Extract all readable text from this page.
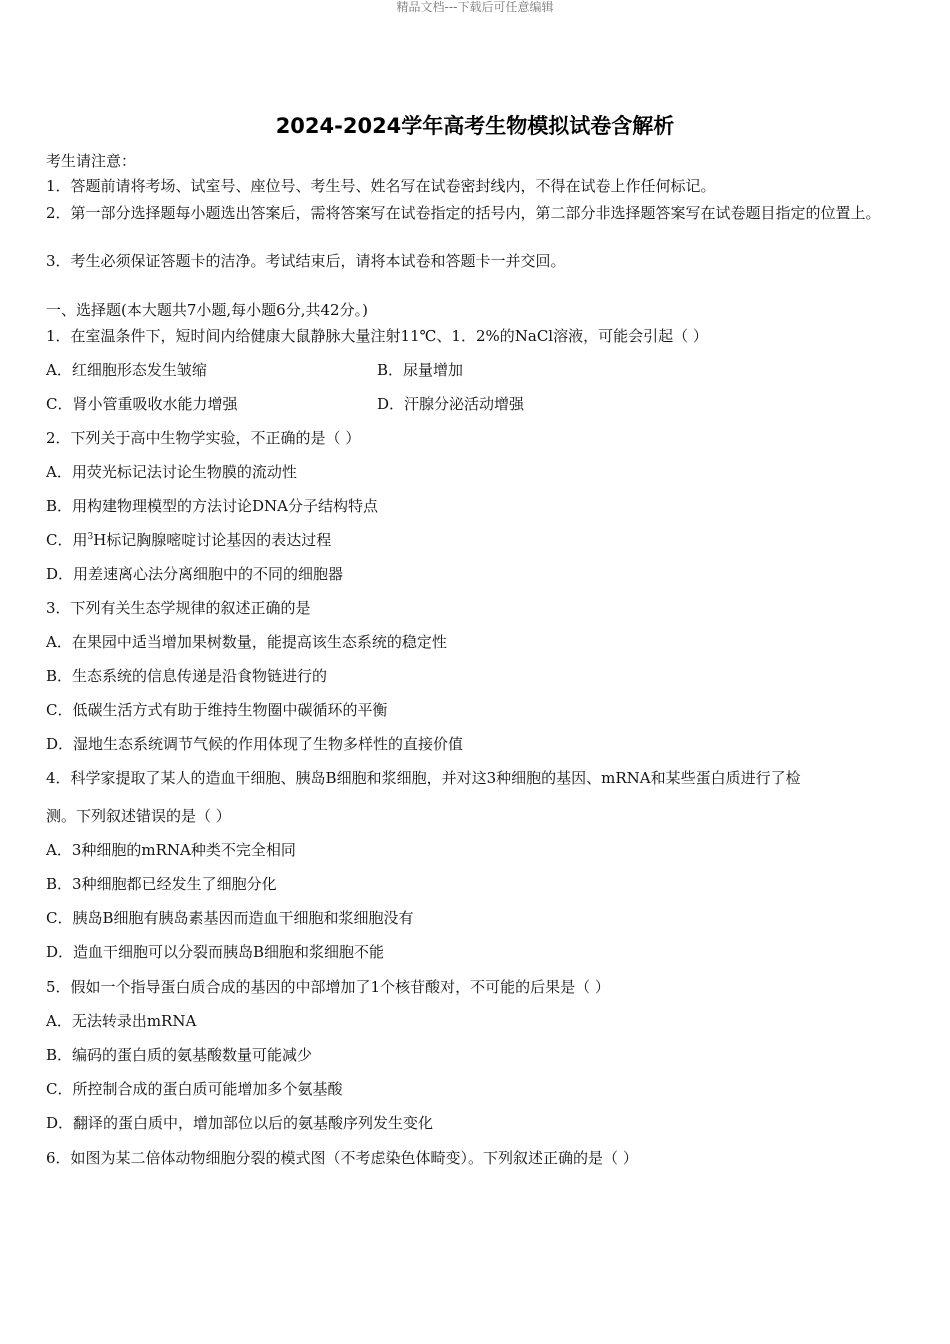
精品文档---下载后可任意编辑
2024-2024学年高考生物模拟试卷含解析
考生请注意：
1．答题前请将考场、试室号、座位号、考生号、姓名写在试卷密封线内，不得在试卷上作任何标记。
2．第一部分选择题每小题选出答案后，需将答案写在试卷指定的括号内，第二部分非选择题答案写在试卷题目指定的位置上。
3．考生必须保证答题卡的洁净。考试结束后，请将本试卷和答题卡一并交回。
一、选择题(本大题共7小题,每小题6分,共42分。)
1．在室温条件下，短时间内给健康大鼠静脉大量注射11℃、1．2%的NaCl溶液，可能会引起（ ）
A．红细胞形态发生皱缩	B．尿量增加
C．肾小管重吸收水能力增强	D．汗腺分泌活动增强
2．下列关于高中生物学实验，不正确的是（ ）
A．用荧光标记法讨论生物膜的流动性
B．用构建物理模型的方法讨论DNA分子结构特点
C．用$^3$H标记胸腺嘧啶讨论基因的表达过程
D．用差速离心法分离细胞中的不同的细胞器
3．下列有关生态学规律的叙述正确的是
A．在果园中适当增加果树数量，能提高该生态系统的稳定性
B．生态系统的信息传递是沿食物链进行的
C．低碳生活方式有助于维持生物圈中碳循环的平衡
D．湿地生态系统调节气候的作用体现了生物多样性的直接价值
4．科学家提取了某人的造血干细胞、胰岛B细胞和浆细胞，并对这3种细胞的基因、mRNA和某些蛋白质进行了检
测。下列叙述错误的是（ ）
A．3种细胞的mRNA种类不完全相同
B．3种细胞都已经发生了细胞分化
C．胰岛B细胞有胰岛素基因而造血干细胞和浆细胞没有
D．造血干细胞可以分裂而胰岛B细胞和浆细胞不能
5．假如一个指导蛋白质合成的基因的中部增加了1个核苷酸对，不可能的后果是（ ）
A．无法转录出mRNA
B．编码的蛋白质的氨基酸数量可能减少
C．所控制合成的蛋白质可能增加多个氨基酸
D．翻译的蛋白质中，增加部位以后的氨基酸序列发生变化
6．如图为某二倍体动物细胞分裂的模式图（不考虑染色体畸变）。下列叙述正确的是（ ）
